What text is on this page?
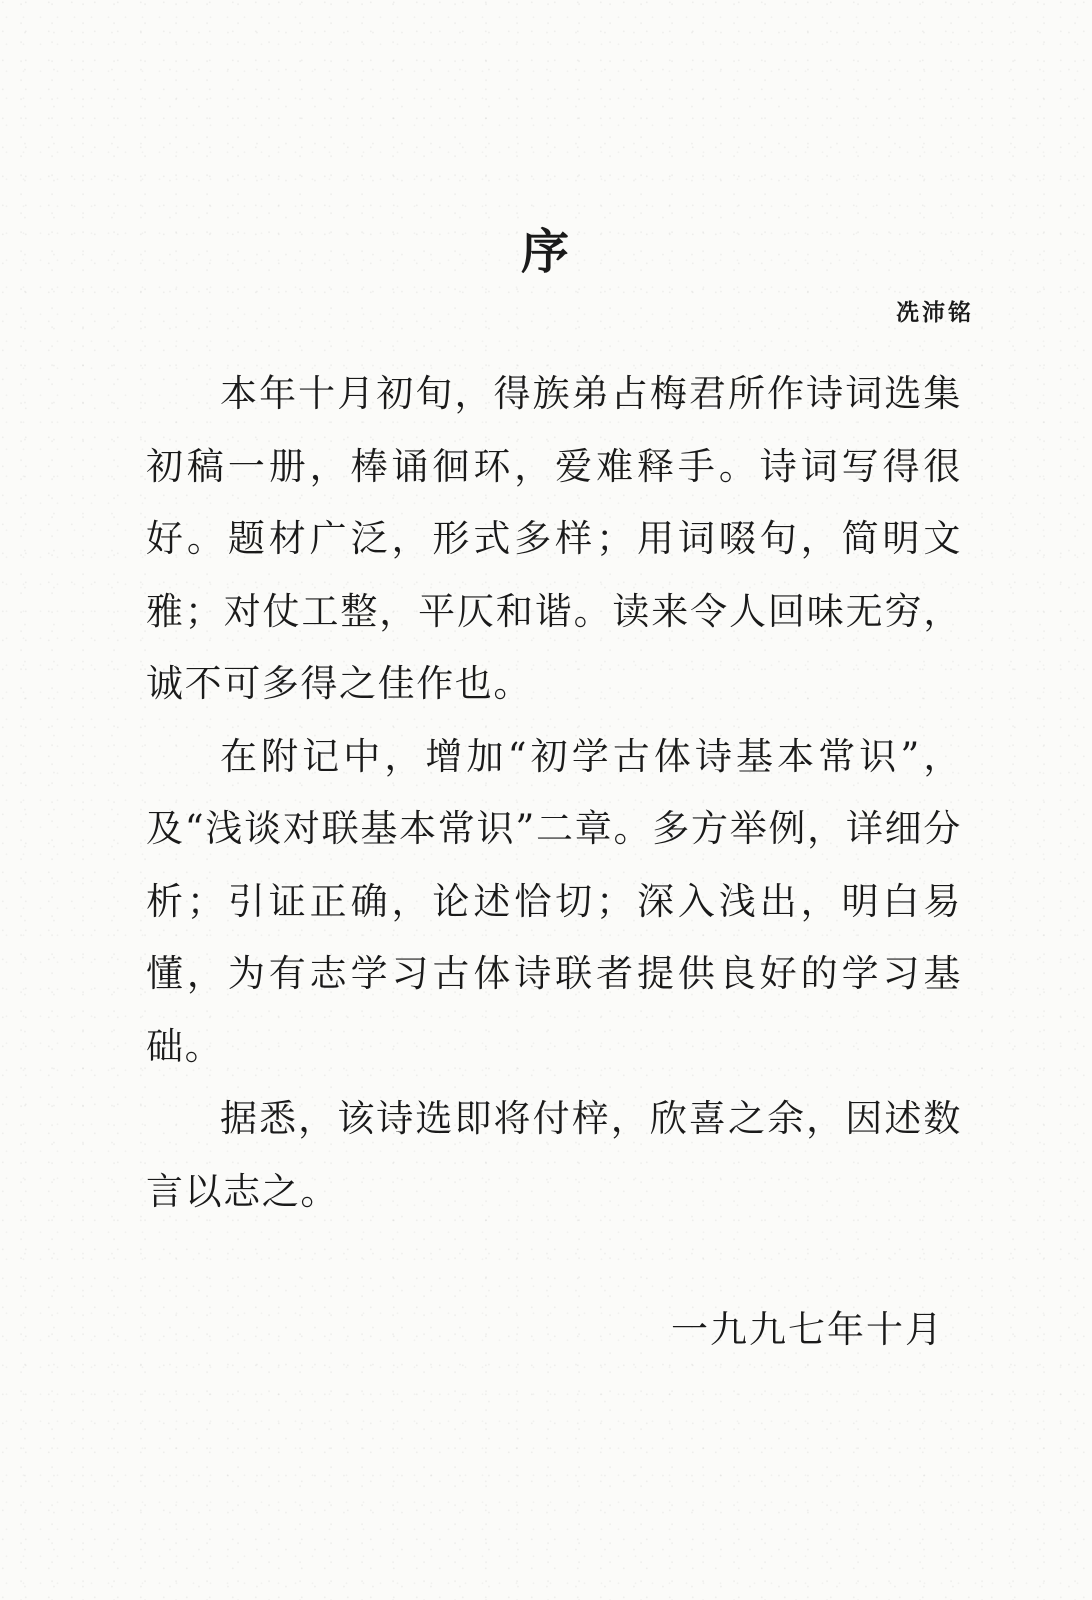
序
冼沛铭

本年十月初旬，得族弟占梅君所作诗词选集初稿一册，棒诵徊环，爱难释手。诗词写得很好。题材广泛，形式多样；用词啜句，简明文雅；对仗工整，平仄和谐。读来令人回味无穷，诚不可多得之佳作也。

在附记中，增加“初学古体诗基本常识”，及“浅谈对联基本常识”二章。多方举例，详细分析；引证正确，论述恰切；深入浅出，明白易懂，为有志学习古体诗联者提供良好的学习基础。

据悉，该诗选即将付梓，欣喜之余，因述数言以志之。

一九九七年十月
